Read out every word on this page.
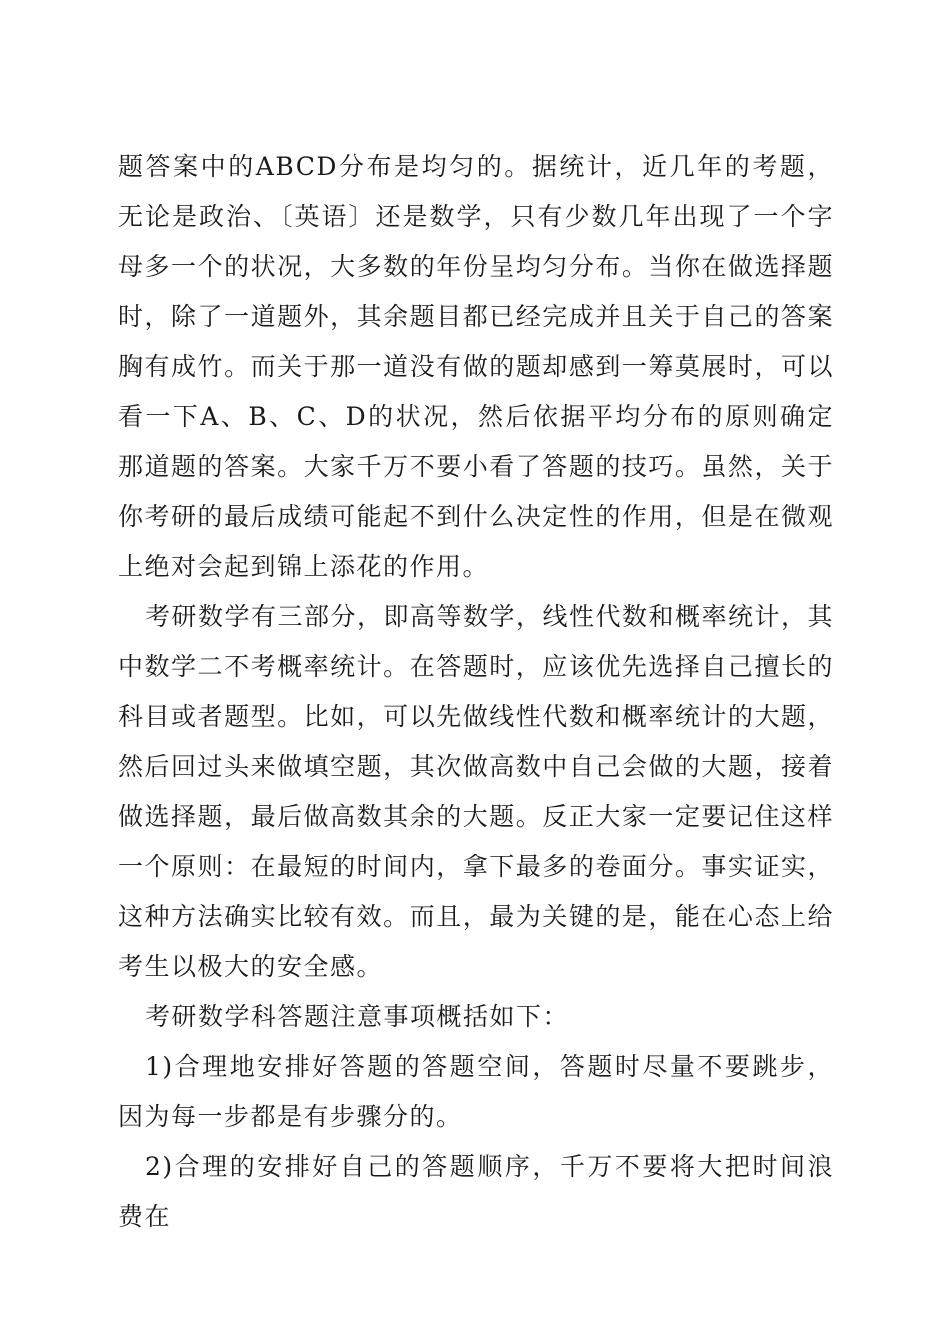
题答案中的ABCD分布是均匀的。据统计，近几年的考题，无论是政治、〔英语〕还是数学，只有少数几年出现了一个字母多一个的状况，大多数的年份呈均匀分布。当你在做选择题时，除了一道题外，其余题目都已经完成并且关于自己的答案胸有成竹。而关于那一道没有做的题却感到一筹莫展时，可以看一下A、B、C、D的状况，然后依据平均分布的原则确定那道题的答案。大家千万不要小看了答题的技巧。虽然，关于你考研的最后成绩可能起不到什么决定性的作用，但是在微观上绝对会起到锦上添花的作用。

考研数学有三部分，即高等数学，线性代数和概率统计，其中数学二不考概率统计。在答题时，应该优先选择自己擅长的科目或者题型。比如，可以先做线性代数和概率统计的大题，然后回过头来做填空题，其次做高数中自己会做的大题，接着做选择题，最后做高数其余的大题。反正大家一定要记住这样一个原则：在最短的时间内，拿下最多的卷面分。事实证实，这种方法确实比较有效。而且，最为关键的是，能在心态上给考生以极大的安全感。

考研数学科答题注意事项概括如下：

1)合理地安排好答题的答题空间，答题时尽量不要跳步，因为每一步都是有步骤分的。

2)合理的安排好自己的答题顺序，千万不要将大把时间浪费在
